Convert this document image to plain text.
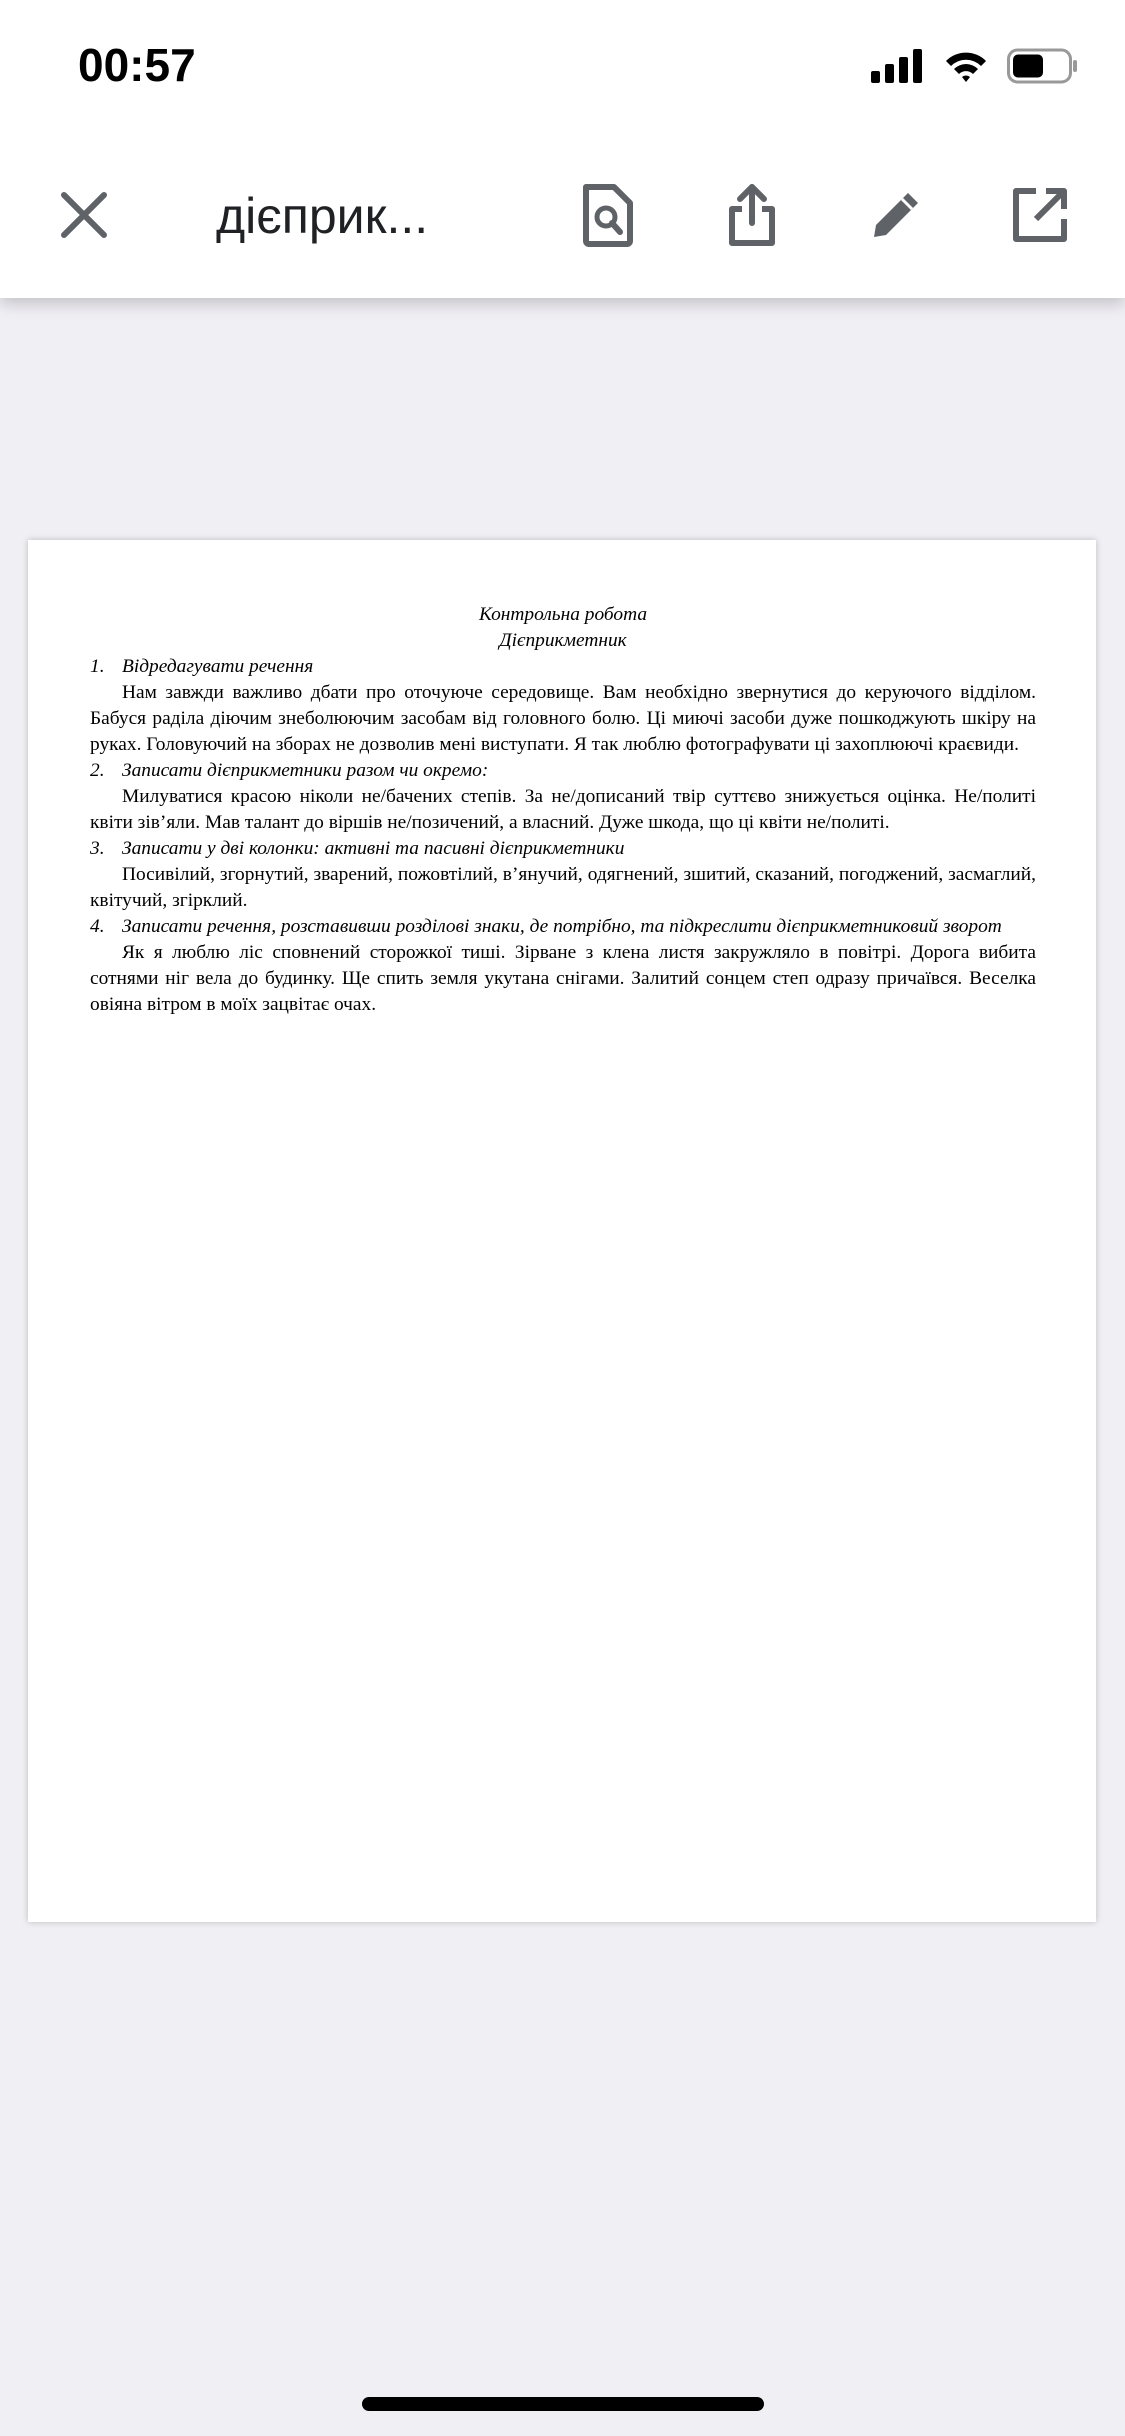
00:57
дієприк...
Контрольна робота
Дієприкметник
1. Відредагувати речення

Нам завжди важливо дбати про оточуюче середовище. Вам необхідно звернутися до керуючого відділом. Бабуся раділа діючим знеболюючим засобам від головного болю. Ці миючі засоби дуже пошкоджують шкіру на руках. Головуючий на зборах не дозволив мені виступати. Я так люблю фотографувати ці захоплюючі краєвиди.

2. Записати дієприкметники разом чи окремо:

Милуватися красою ніколи не/бачених степів. За не/дописаний твір суттєво знижується оцінка. Не/политі квіти зів’яли. Мав талант до віршів не/позичений, а власний. Дуже шкода, що ці квіти не/политі.

3. Записати у дві колонки: активні та пасивні дієприкметники

Посивілий, згорнутий, зварений, пожовтілий, в’янучий, одягнений, зшитий, сказаний, погоджений, засмаглий, квітучий, згірклий.

4. Записати речення, розставивши розділові знаки, де потрібно, та підкреслити дієприкметниковий зворот

Як я люблю ліс сповнений сторожкої тиші. Зірване з клена листя закружляло в повітрі. Дорога вибита сотнями ніг вела до будинку. Ще спить земля укутана снігами. Залитий сонцем степ одразу причаївся. Веселка овіяна вітром в моїх зацвітає очах.
